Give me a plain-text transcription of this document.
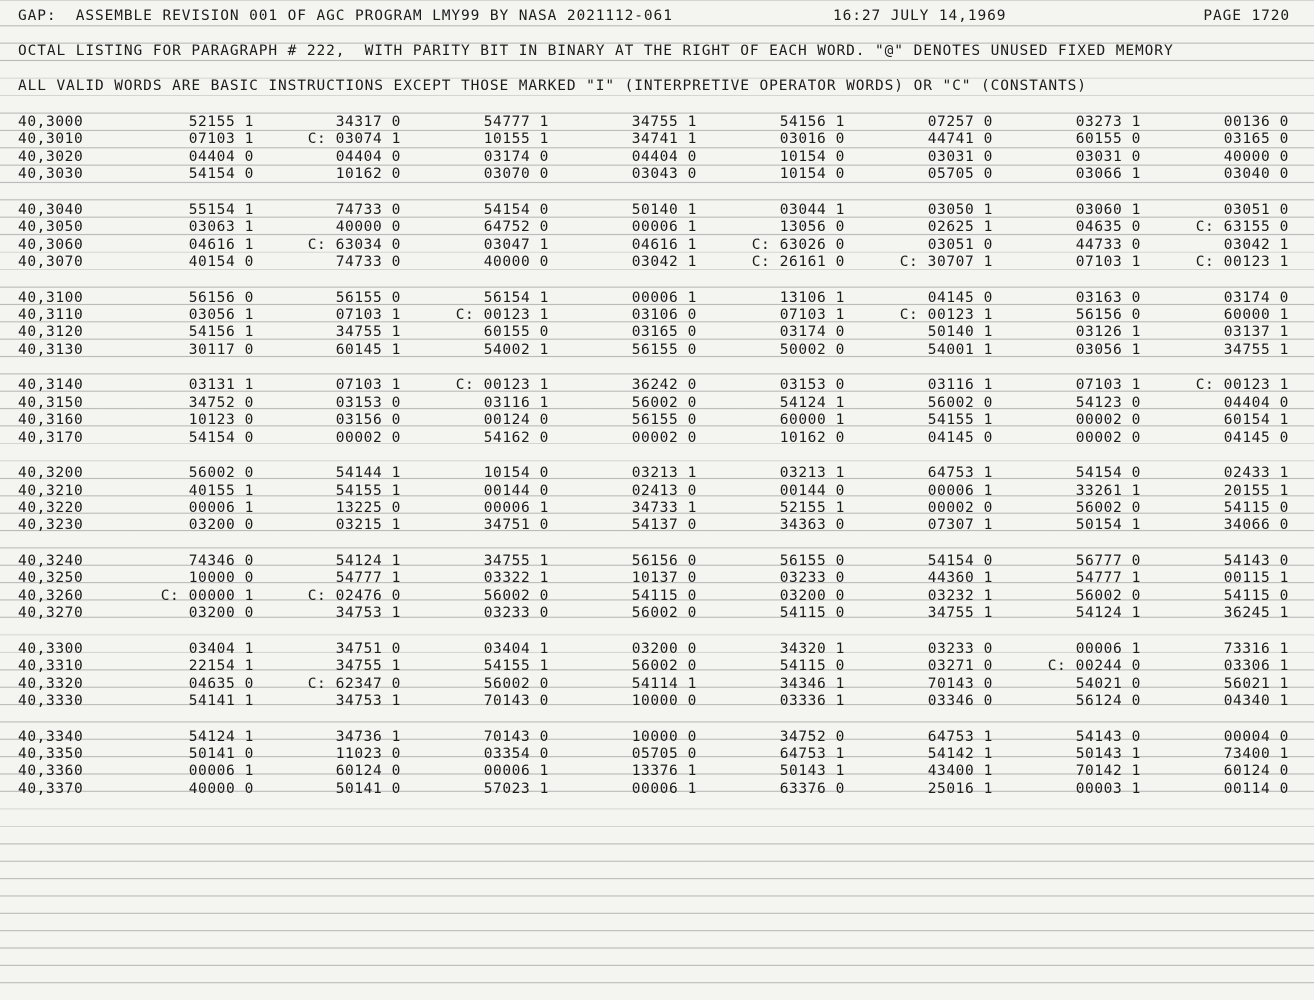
GAP:  ASSEMBLE REVISION 001 OF AGC PROGRAM LMY99 BY NASA 2021112-061

	16:27 JULY 14,1969

	PAGE 1720

OCTAL LISTING FOR PARAGRAPH # 222,  WITH PARITY BIT IN BINARY AT THE RIGHT OF EACH WORD. "@" DENOTES UNUSED FIXED MEMORY
ALL VALID WORDS ARE BASIC INSTRUCTIONS EXCEPT THOSE MARKED "I" (INTERPRETIVE OPERATOR WORDS) OR "C" (CONSTANTS)
40,3000	52155 1	34317 0	54777 1	34755 1	54156 1	07257 0	03273 1	00136 0
40,3010	07103 1	C: 03074 1	10155 1	34741 1	03016 0	44741 0	60155 0	03165 0
40,3020	04404 0	04404 0	03174 0	04404 0	10154 0	03031 0	03031 0	40000 0
40,3030	54154 0	10162 0	03070 0	03043 0	10154 0	05705 0	03066 1	03040 0
40,3040	55154 1	74733 0	54154 0	50140 1	03044 1	03050 1	03060 1	03051 0
40,3050	03063 1	40000 0	64752 0	00006 1	13056 0	02625 1	04635 0	C: 63155 0
40,3060	04616 1	C: 63034 0	03047 1	04616 1	C: 63026 0	03051 0	44733 0	03042 1
40,3070	40154 0	74733 0	40000 0	03042 1	C: 26161 0	C: 30707 1	07103 1	C: 00123 1
40,3100	56156 0	56155 0	56154 1	00006 1	13106 1	04145 0	03163 0	03174 0
40,3110	03056 1	07103 1	C: 00123 1	03106 0	07103 1	C: 00123 1	56156 0	60000 1
40,3120	54156 1	34755 1	60155 0	03165 0	03174 0	50140 1	03126 1	03137 1
40,3130	30117 0	60145 1	54002 1	56155 0	50002 0	54001 1	03056 1	34755 1
40,3140	03131 1	07103 1	C: 00123 1	36242 0	03153 0	03116 1	07103 1	C: 00123 1
40,3150	34752 0	03153 0	03116 1	56002 0	54124 1	56002 0	54123 0	04404 0
40,3160	10123 0	03156 0	00124 0	56155 0	60000 1	54155 1	00002 0	60154 1
40,3170	54154 0	00002 0	54162 0	00002 0	10162 0	04145 0	00002 0	04145 0
40,3200	56002 0	54144 1	10154 0	03213 1	03213 1	64753 1	54154 0	02433 1
40,3210	40155 1	54155 1	00144 0	02413 0	00144 0	00006 1	33261 1	20155 1
40,3220	00006 1	13225 0	00006 1	34733 1	52155 1	00002 0	56002 0	54115 0
40,3230	03200 0	03215 1	34751 0	54137 0	34363 0	07307 1	50154 1	34066 0
40,3240	74346 0	54124 1	34755 1	56156 0	56155 0	54154 0	56777 0	54143 0
40,3250	10000 0	54777 1	03322 1	10137 0	03233 0	44360 1	54777 1	00115 1
40,3260	C: 00000 1	C: 02476 0	56002 0	54115 0	03200 0	03232 1	56002 0	54115 0
40,3270	03200 0	34753 1	03233 0	56002 0	54115 0	34755 1	54124 1	36245 1
40,3300	03404 1	34751 0	03404 1	03200 0	34320 1	03233 0	00006 1	73316 1
40,3310	22154 1	34755 1	54155 1	56002 0	54115 0	03271 0	C: 00244 0	03306 1
40,3320	04635 0	C: 62347 0	56002 0	54114 1	34346 1	70143 0	54021 0	56021 1
40,3330	54141 1	34753 1	70143 0	10000 0	03336 1	03346 0	56124 0	04340 1
40,3340	54124 1	34736 1	70143 0	10000 0	34752 0	64753 1	54143 0	00004 0
40,3350	50141 0	11023 0	03354 0	05705 0	64753 1	54142 1	50143 1	73400 1
40,3360	00006 1	60124 0	00006 1	13376 1	50143 1	43400 1	70142 1	60124 0
40,3370	40000 0	50141 0	57023 1	00006 1	63376 0	25016 1	00003 1	00114 0
